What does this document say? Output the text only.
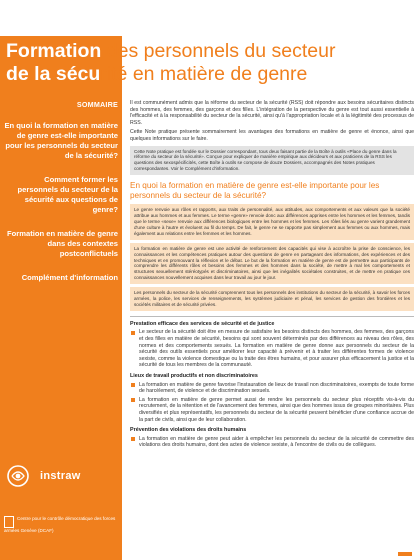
Formation des personnels du secteur
de la sécurité en matière de genre
SOMMAIRE
En quoi la formation en matière de genre est-elle importante pour les personnels du secteur de la sécurité?
Comment former les personnels du secteur de la sécurité aux questions de genre?
Formation en matière de genre dans des contextes postconflictuels
Complément d'information
instraw
Centre pour le contrôle démocratique des forces armées Genève (DCAF)

Il est communément admis que la réforme du secteur de la sécurité (RSS) doit répondre aux besoins sécuritaires distincts des hommes, des femmes, des garçons et des filles. L'intégration de la perspective du genre est tout aussi essentielle à l'efficacité et à la responsabilité du secteur de la sécurité, ainsi qu'à l'appropriation locale et à la légitimité des processus de RSS.

Cette Note pratique présente sommairement les avantages des formations en matière de genre et énonce, ainsi que quelques informations sur le faire.

Cette Note pratique est fondée sur le Dossier correspondant, tous deux faisant partie de la Boîte à outils «Place du genre dans la réforme du secteur de la sécurité». Conçue pour expliquer de manière empirique aux décideurs et aux praticiens de la RSS les questions des sexospécificités, cette Boîte à outils se compose de douze Dossiers, accompagnés des Notes pratiques correspondantes. Voir le Complément d'information.
En quoi la formation en matière de genre est-elle importante pour les personnels du secteur de la sécurité?
Le genre renvoie aux rôles et rapports, aux traits de personnalité, aux attitudes, aux comportements et aux valeurs que la société attribue aux hommes et aux femmes. Le terme «genre» renvoie donc aux différences apprises entre les hommes et les femmes, tandis que le terme «sexe» renvoie aux différences biologiques entre les hommes et les femmes. Les rôles liés au genre varient grandement d'une culture à l'autre et évoluent au fil du temps. De fait, le genre ne se rapporte pas simplement aux femmes ou aux hommes, mais également aux relations entre les femmes et les hommes.
La formation en matière de genre est une activité de renforcement des capacités qui vise à accroître la prise de conscience, les connaissances et les compétences pratiques autour des questions de genre en partageant des informations, des expériences et des techniques et en promouvant la réflexion et le débat. Le but de la formation en matière de genre est de permettre aux participants de comprendre les différents rôles et besoins des femmes et des hommes dans la société, de mettre à mal les comportements et structures sexuellement stéréotypés et discriminatoires, ainsi que les inégalités sociétales construites, et de mettre en pratique ces connaissances nouvellement acquises dans leur travail au jour le jour.
Les personnels du secteur de la sécurité comprennent tous les personnels des institutions du secteur de la sécurité, à savoir les forces armées, la police, les services de renseignements, les systèmes judiciaire et pénal, les services de gestion des frontières et les sociétés militaires et de sécurité privées.
Prestation efficace des services de sécurité et de justice
Le secteur de la sécurité doit être en mesure de satisfaire les besoins distincts des hommes, des femmes, des garçons et des filles en matière de sécurité, besoins qui sont souvent déterminés par des différences au niveau des rôles, des normes et des comportements sexués. La formation en matière de genre donne aux personnels du secteur de la sécurité des outils essentiels pour améliorer leur capacité à prévenir et à traiter les différentes formes de violence sexiste, comme la violence domestique ou la traite des êtres humains, et pour assurer plus efficacement la justice et la sécurité de tous les membres de la communauté.
Lieux de travail productifs et non discriminatoires
La formation en matière de genre favorise l'instauration de lieux de travail non discriminatoires, exempts de toute forme de harcèlement, de violence et de discrimination sexuels.
La formation en matière de genre permet aussi de rendre les personnels du secteur plus réceptifs vis-à-vis du recrutement, de la rétention et de l'avancement des femmes, ainsi que des hommes issus de groupes minoritaires. Plus diversifiés et plus représentatifs, les personnels du secteur de la sécurité peuvent bénéficier d'une confiance accrue de la part de civils, ainsi que de leur collaboration.
Prévention des violations des droits humains
La formation en matière de genre peut aider à empêcher les personnels du secteur de la sécurité de commettre des violations des droits humains, dont des actes de violence sexiste, à l'encontre de civils ou de collègues.
